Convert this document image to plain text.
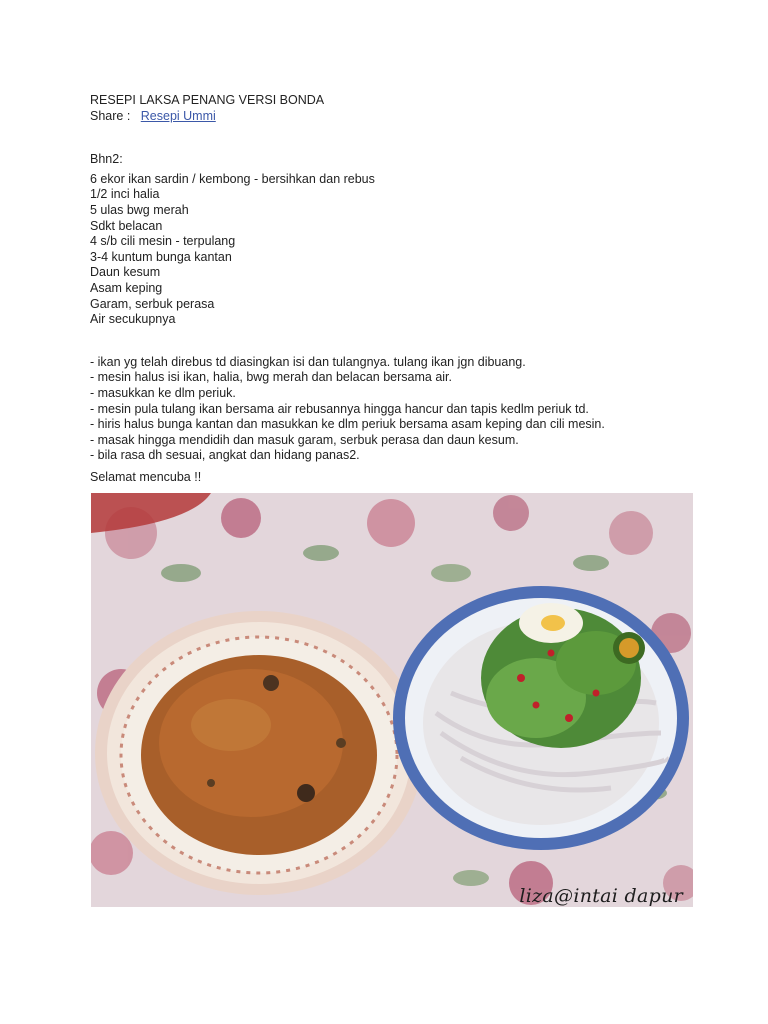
RESEPI LAKSA PENANG VERSI BONDA
Share : Resepi Ummi
Bhn2:
6 ekor ikan sardin / kembong - bersihkan dan rebus
1/2 inci halia
5 ulas bwg merah
Sdkt belacan
4 s/b cili mesin - terpulang
3-4 kuntum bunga kantan
Daun kesum
Asam keping
Garam, serbuk perasa
Air secukupnya
- ikan yg telah direbus td diasingkan isi dan tulangnya. tulang ikan jgn dibuang.
- mesin halus isi ikan, halia, bwg merah dan belacan bersama air.
- masukkan ke dlm periuk.
- mesin pula tulang ikan bersama air rebusannya hingga hancur dan tapis kedlm periuk td.
- hiris halus bunga kantan dan masukkan ke dlm periuk bersama asam keping dan cili mesin.
- masak hingga mendidih dan masuk garam, serbuk perasa dan daun kesum.
- bila rasa dh sesuai, angkat dan hidang panas2.
Selamat mencuba !!
liza@intai dapur
